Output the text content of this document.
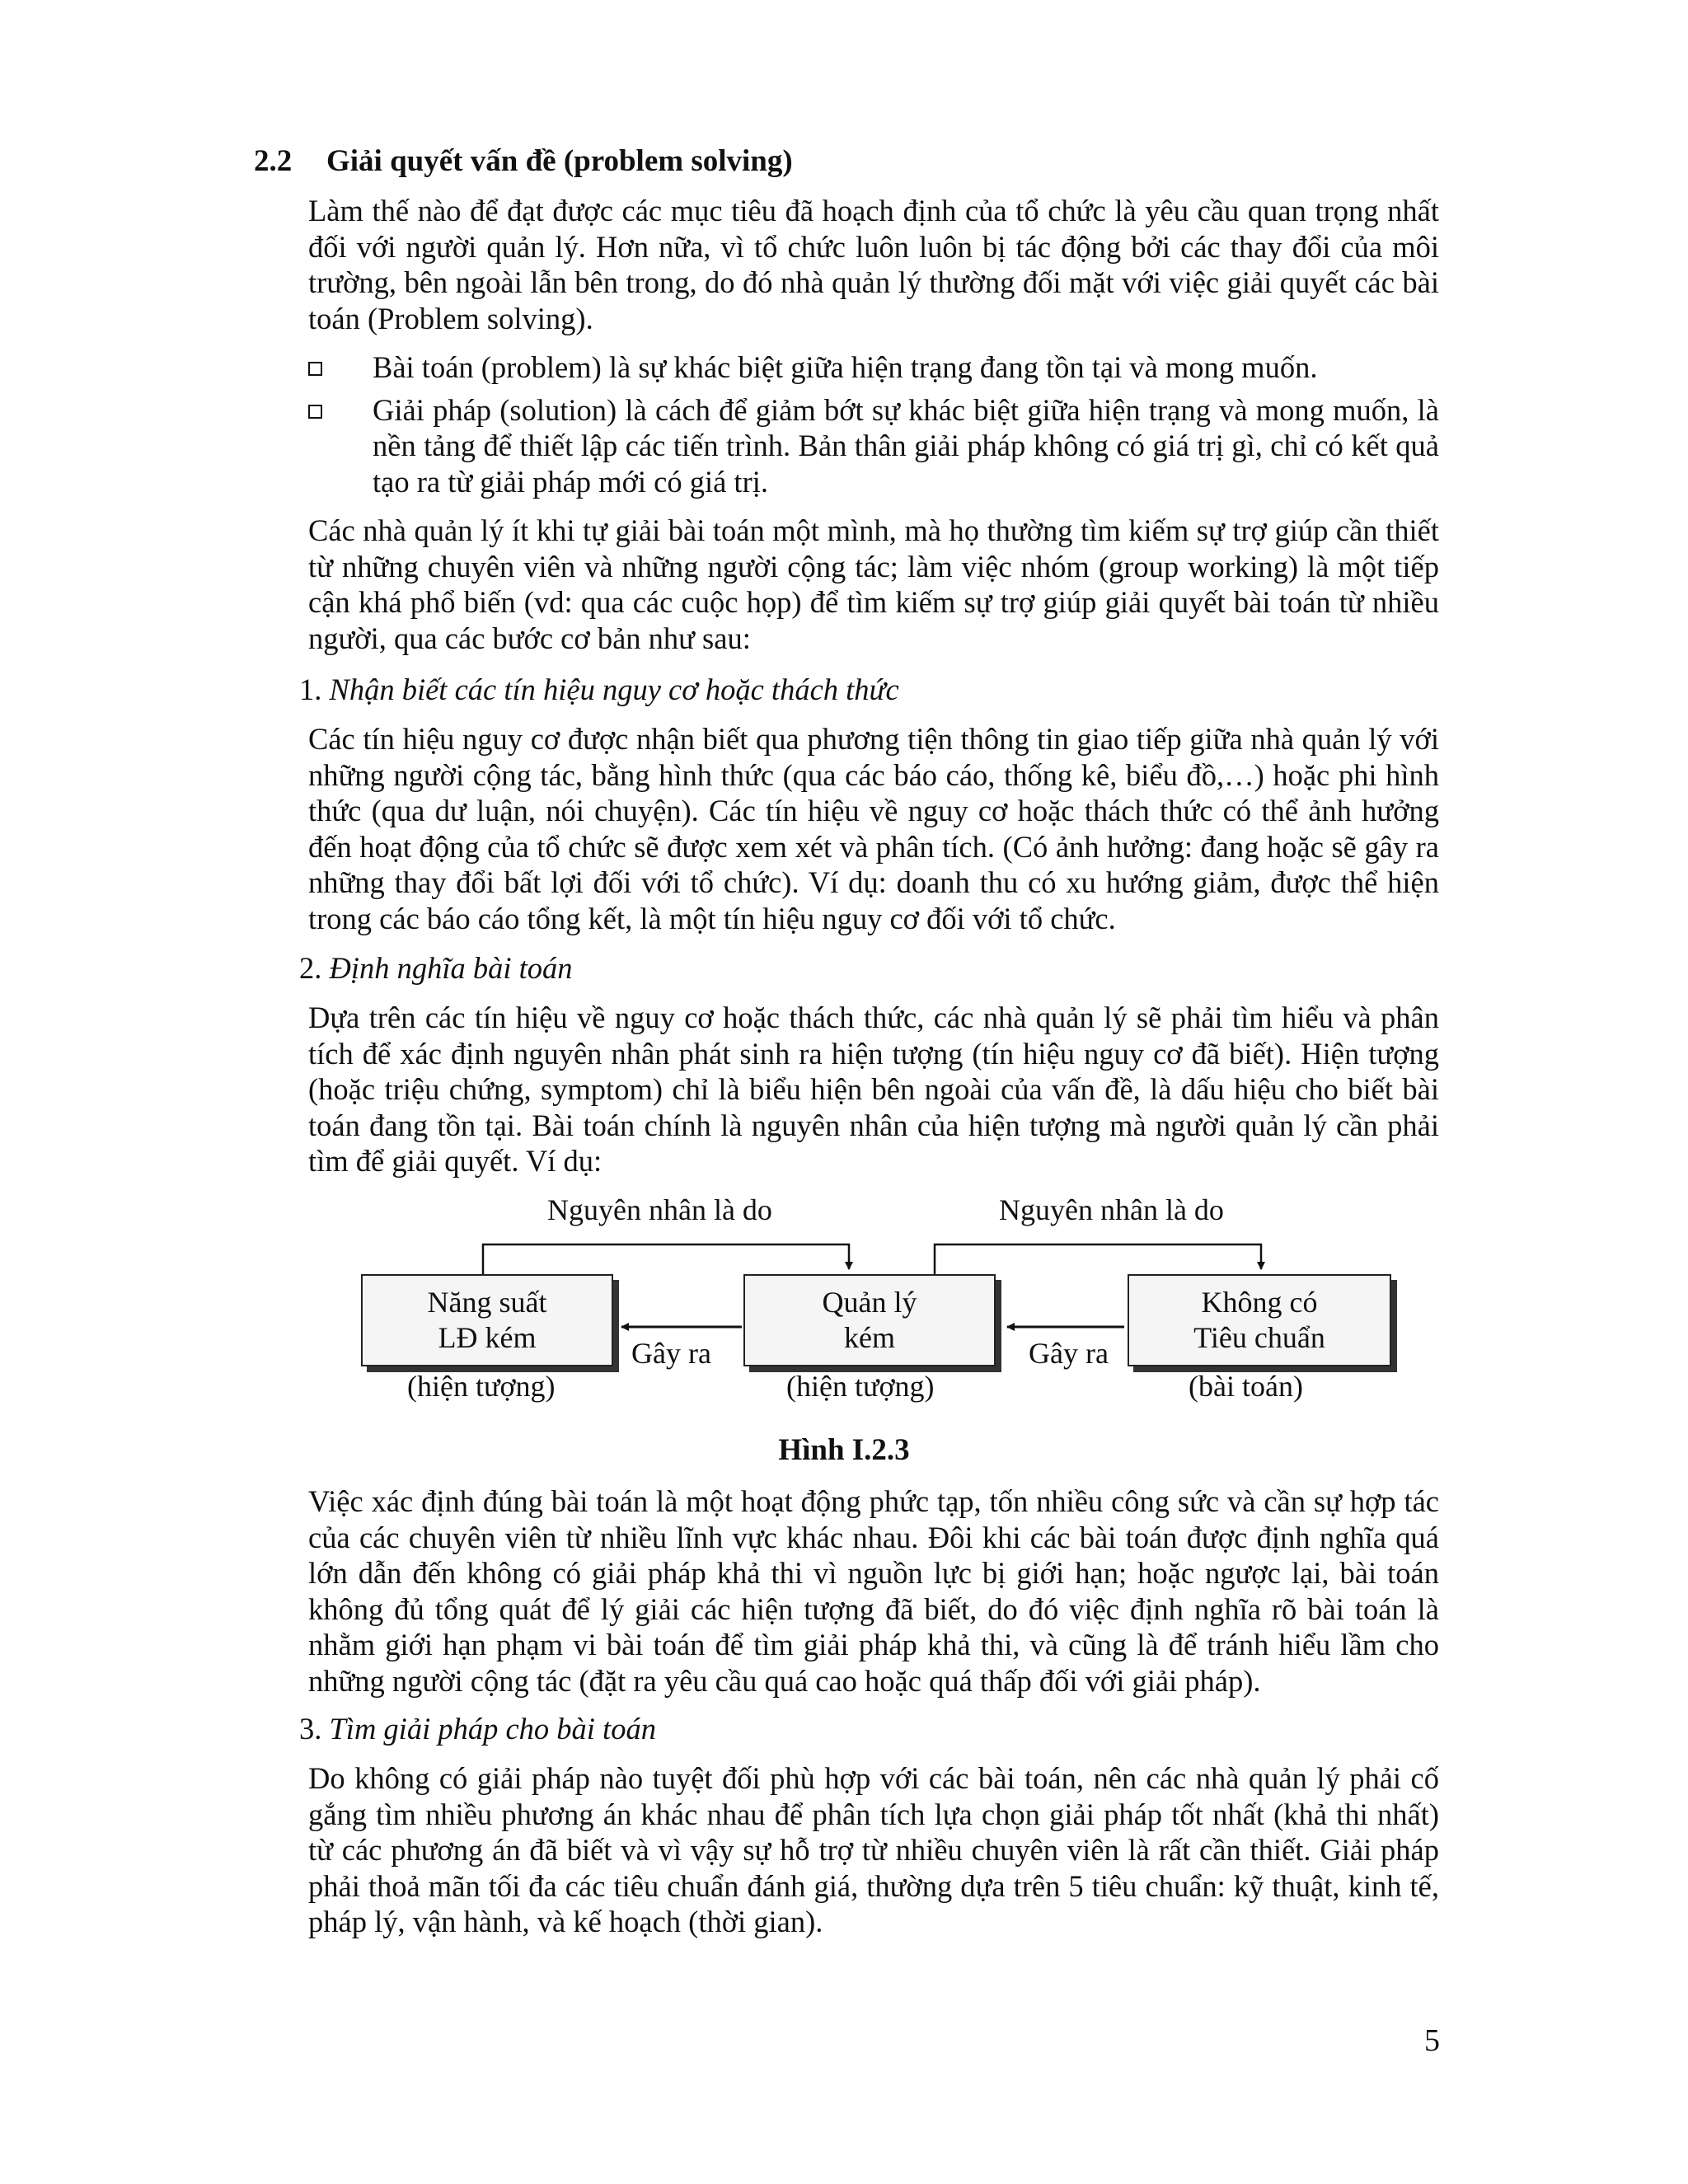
2.2 Giải quyết vấn đề (problem solving)
Làm thế nào để đạt được các mục tiêu đã hoạch định của tổ chức là yêu cầu quan trọng nhất đối với người quản lý. Hơn nữa, vì tổ chức luôn luôn bị tác động bởi các thay đổi của môi trường, bên ngoài lẫn bên trong, do đó nhà quản lý thường đối mặt với việc giải quyết các bài toán (Problem solving).
Bài toán (problem) là sự khác biệt giữa hiện trạng đang tồn tại và mong muốn.
Giải pháp (solution) là cách để giảm bớt sự khác biệt giữa hiện trạng và mong muốn, là nền tảng để thiết lập các tiến trình. Bản thân giải pháp không có giá trị gì, chỉ có kết quả tạo ra từ giải pháp mới có giá trị.
Các nhà quản lý ít khi tự giải bài toán một mình, mà họ thường tìm kiếm sự trợ giúp cần thiết từ những chuyên viên và những người cộng tác; làm việc nhóm (group working) là một tiếp cận khá phổ biến (vd: qua các cuộc họp) để tìm kiếm sự trợ giúp giải quyết bài toán từ nhiều người, qua các bước cơ bản như sau:
1. Nhận biết các tín hiệu nguy cơ hoặc thách thức
Các tín hiệu nguy cơ được nhận biết qua phương tiện thông tin giao tiếp giữa nhà quản lý với những người cộng tác, bằng hình thức (qua các báo cáo, thống kê, biểu đồ,…) hoặc phi hình thức (qua dư luận, nói chuyện). Các tín hiệu về nguy cơ hoặc thách thức có thể ảnh hưởng đến hoạt động của tổ chức sẽ được xem xét và phân tích. (Có ảnh hưởng: đang hoặc sẽ gây ra những thay đổi bất lợi đối với tổ chức). Ví dụ: doanh thu có xu hướng giảm, được thể hiện trong các báo cáo tổng kết, là một tín hiệu nguy cơ đối với tổ chức.
2. Định nghĩa bài toán
Dựa trên các tín hiệu về nguy cơ hoặc thách thức, các nhà quản lý sẽ phải tìm hiểu và phân tích để xác định nguyên nhân phát sinh ra hiện tượng (tín hiệu nguy cơ đã biết). Hiện tượng (hoặc triệu chứng, symptom) chỉ là biểu hiện bên ngoài của vấn đề, là dấu hiệu cho biết bài toán đang tồn tại. Bài toán chính là nguyên nhân của hiện tượng mà người quản lý cần phải tìm để giải quyết. Ví dụ:
Nguyên nhân là do	Nguyên nhân là do
Năng suất
LĐ kém
Quản lý
kém
Không có
Tiêu chuẩn
Gây ra	Gây ra
(hiện tượng)	(hiện tượng)	(bài toán)
Hình I.2.3
Việc xác định đúng bài toán là một hoạt động phức tạp, tốn nhiều công sức và cần sự hợp tác của các chuyên viên từ nhiều lĩnh vực khác nhau. Đôi khi các bài toán được định nghĩa quá lớn dẫn đến không có giải pháp khả thi vì nguồn lực bị giới hạn; hoặc ngược lại, bài toán không đủ tổng quát để lý giải các hiện tượng đã biết, do đó việc định nghĩa rõ bài toán là nhằm giới hạn phạm vi bài toán để tìm giải pháp khả thi, và cũng là để tránh hiểu lầm cho những người cộng tác (đặt ra yêu cầu quá cao hoặc quá thấp đối với giải pháp).
3. Tìm giải pháp cho bài toán
Do không có giải pháp nào tuyệt đối phù hợp với các bài toán, nên các nhà quản lý phải cố gắng tìm nhiều phương án khác nhau để phân tích lựa chọn giải pháp tốt nhất (khả thi nhất) từ các phương án đã biết và vì vậy sự hỗ trợ từ nhiều chuyên viên là rất cần thiết. Giải pháp phải thoả mãn tối đa các tiêu chuẩn đánh giá, thường dựa trên 5 tiêu chuẩn: kỹ thuật, kinh tế, pháp lý, vận hành, và kế hoạch (thời gian).
5
